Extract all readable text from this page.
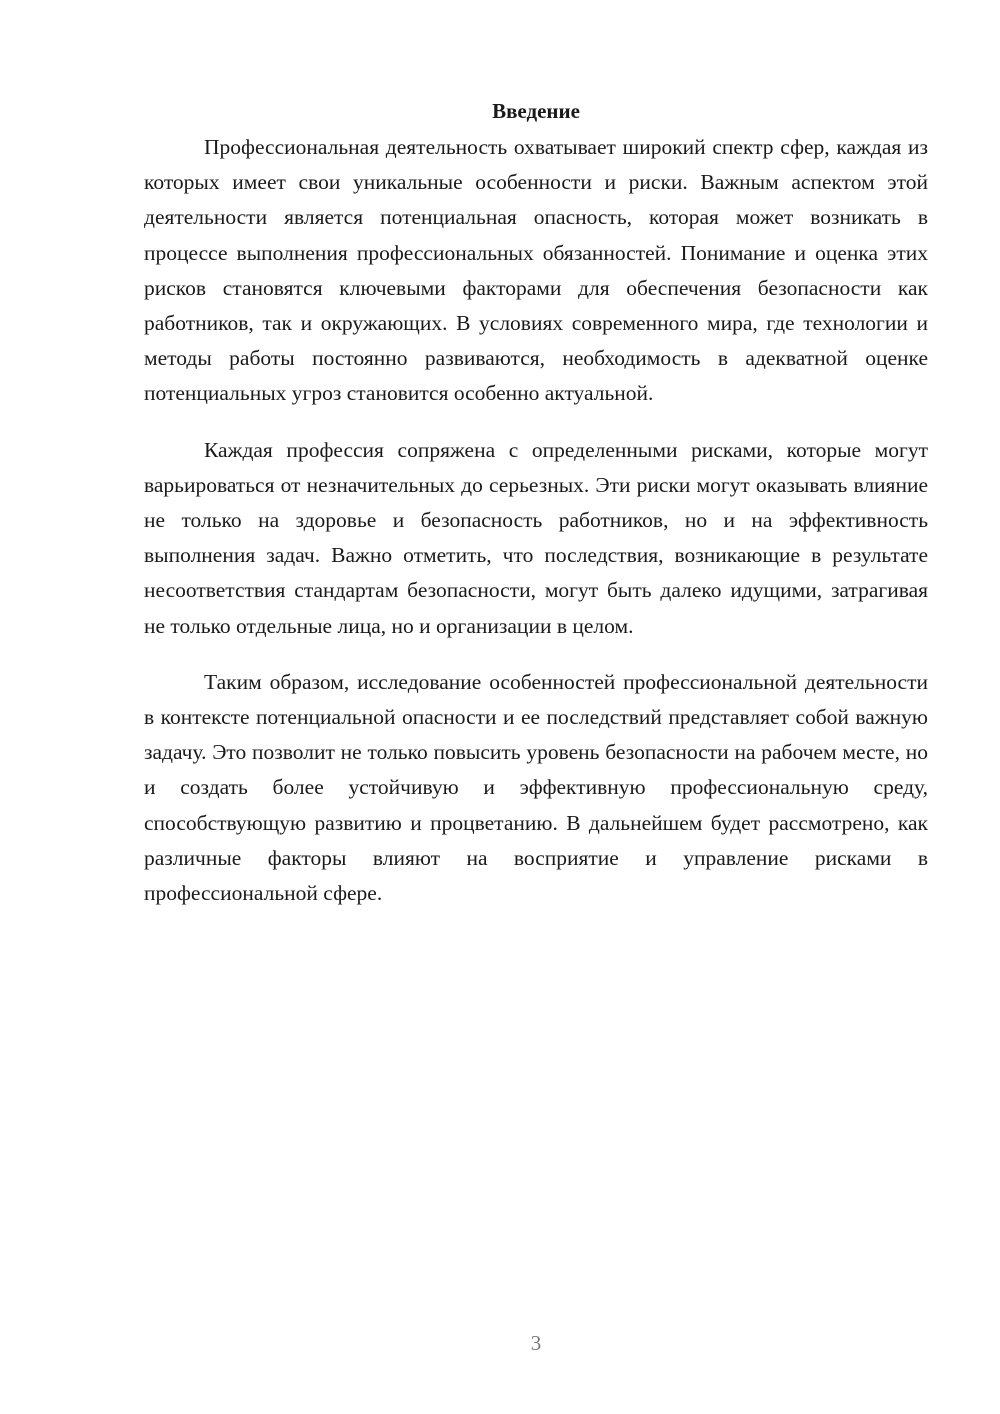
Введение

Профессиональная деятельность охватывает широкий спектр сфер, каждая из которых имеет свои уникальные особенности и риски. Важным аспектом этой деятельности является потенциальная опасность, которая может возникать в процессе выполнения профессиональных обязанностей. Понимание и оценка этих рисков становятся ключевыми факторами для обеспечения безопасности как работников, так и окружающих. В условиях современного мира, где технологии и методы работы постоянно развиваются, необходимость в адекватной оценке потенциальных угроз становится особенно актуальной.

Каждая профессия сопряжена с определенными рисками, которые могут варьироваться от незначительных до серьезных. Эти риски могут оказывать влияние не только на здоровье и безопасность работников, но и на эффективность выполнения задач. Важно отметить, что последствия, возникающие в результате несоответствия стандартам безопасности, могут быть далеко идущими, затрагивая не только отдельные лица, но и организации в целом.

Таким образом, исследование особенностей профессиональной деятельности в контексте потенциальной опасности и ее последствий представляет собой важную задачу. Это позволит не только повысить уровень безопасности на рабочем месте, но и создать более устойчивую и эффективную профессиональную среду, способствующую развитию и процветанию. В дальнейшем будет рассмотрено, как различные факторы влияют на восприятие и управление рисками в профессиональной сфере.

3
